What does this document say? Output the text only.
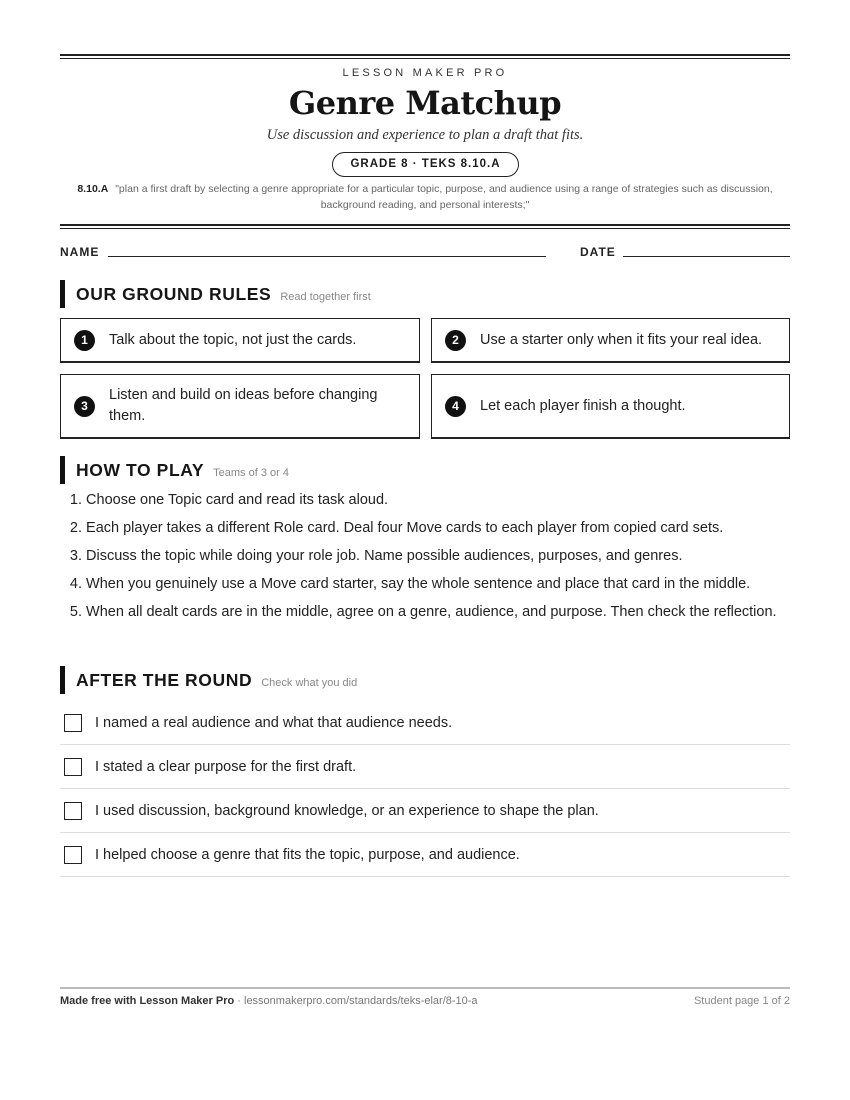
LESSON MAKER PRO
Genre Matchup
Use discussion and experience to plan a draft that fits.
GRADE 8 · TEKS 8.10.A
8.10.A "plan a first draft by selecting a genre appropriate for a particular topic, purpose, and audience using a range of strategies such as discussion, background reading, and personal interests;"
NAME	DATE
OUR GROUND RULES Read together first
1	Talk about the topic, not just the cards.	2	Use a starter only when it fits your real idea.
3
Listen and build on ideas before changing them.
4	Let each player finish a thought.
HOW TO PLAY Teams of 3 or 4
1.
Choose one Topic card and read its task aloud.
2.
Each player takes a different Role card. Deal four Move cards to each player from copied card sets.
3.
Discuss the topic while doing your role job. Name possible audiences, purposes, and genres.
4.
When you genuinely use a Move card starter, say the whole sentence and place that card in the middle.
5.
When all dealt cards are in the middle, agree on a genre, audience, and purpose. Then check the reflection.
AFTER THE ROUND Check what you did
I named a real audience and what that audience needs.
I stated a clear purpose for the first draft.
I used discussion, background knowledge, or an experience to shape the plan.
I helped choose a genre that fits the topic, purpose, and audience.
Made free with Lesson Maker Pro · lessonmakerpro.com/standards/teks-elar/8-10-a	Student page 1 of 2
